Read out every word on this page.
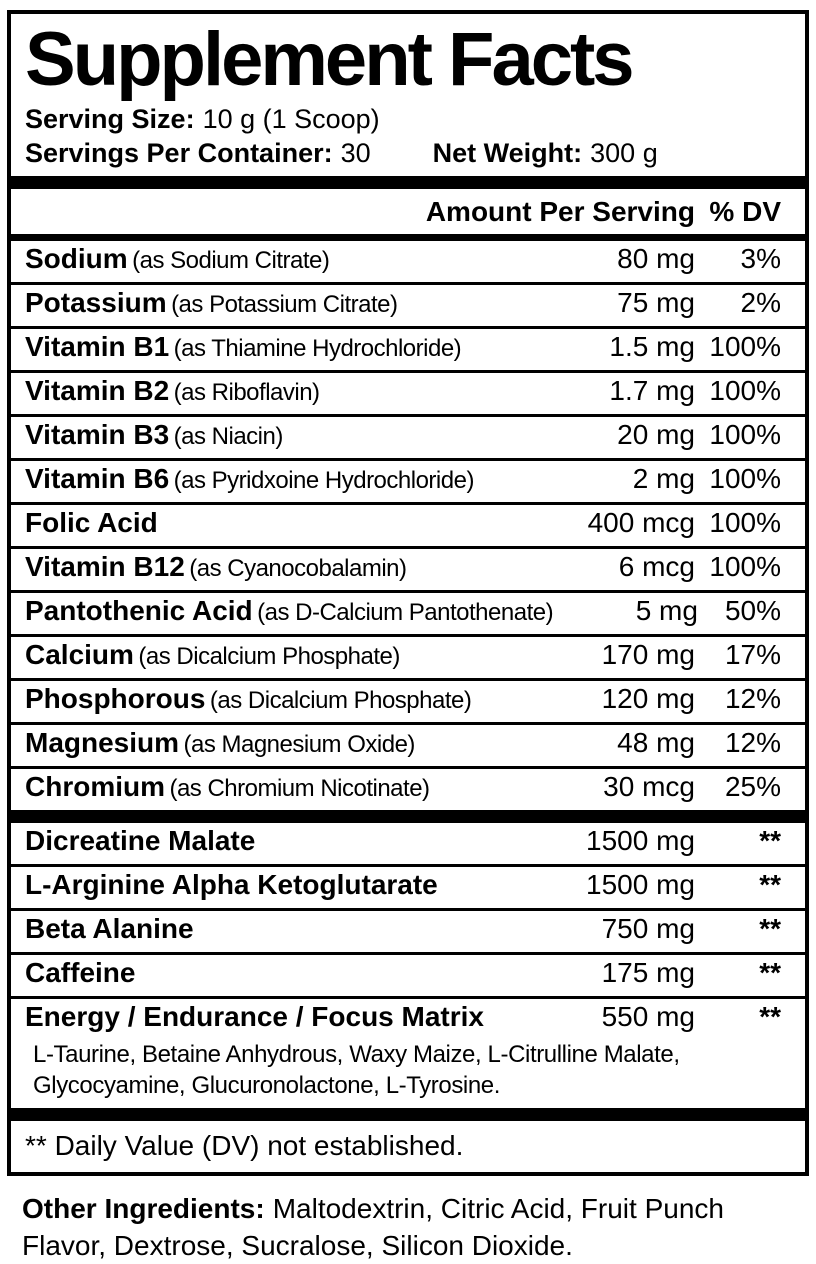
Supplement Facts
Serving Size: 10 g (1 Scoop)
Servings Per Container: 30 Net Weight: 300 g
Amount Per Serving % DV
Sodium (as Sodium Citrate)	80 mg	3%
Potassium (as Potassium Citrate)	75 mg	2%
Vitamin B1 (as Thiamine Hydrochloride)	1.5 mg 100%
Vitamin B2 (as Riboflavin)	1.7 mg 100%
Vitamin B3 (as Niacin)	20 mg 100%
Vitamin B6 (as Pyridxoine Hydrochloride)	2 mg 100%
Folic Acid	400 mcg 100%
Vitamin B12 (as Cyanocobalamin)	6 mcg 100%
Pantothenic Acid (as D-Calcium Pantothenate)	5 mg 50%
Calcium (as Dicalcium Phosphate)	170 mg	17%
Phosphorous (as Dicalcium Phosphate)	120 mg	12%
Magnesium (as Magnesium Oxide)	48 mg	12%
Chromium (as Chromium Nicotinate)	30 mcg	25%
Dicreatine Malate	1500 mg	**
L-Arginine Alpha Ketoglutarate	1500 mg	**
Beta Alanine	750 mg	**
Caffeine	175 mg	**
Energy / Endurance / Focus Matrix	550 mg	**
L-Taurine, Betaine Anhydrous, Waxy Maize, L-Citrulline Malate, Glycocyamine, Glucuronolactone, L-Tyrosine.
** Daily Value (DV) not established.
Other Ingredients: Maltodextrin, Citric Acid, Fruit Punch Flavor, Dextrose, Sucralose, Silicon Dioxide.
